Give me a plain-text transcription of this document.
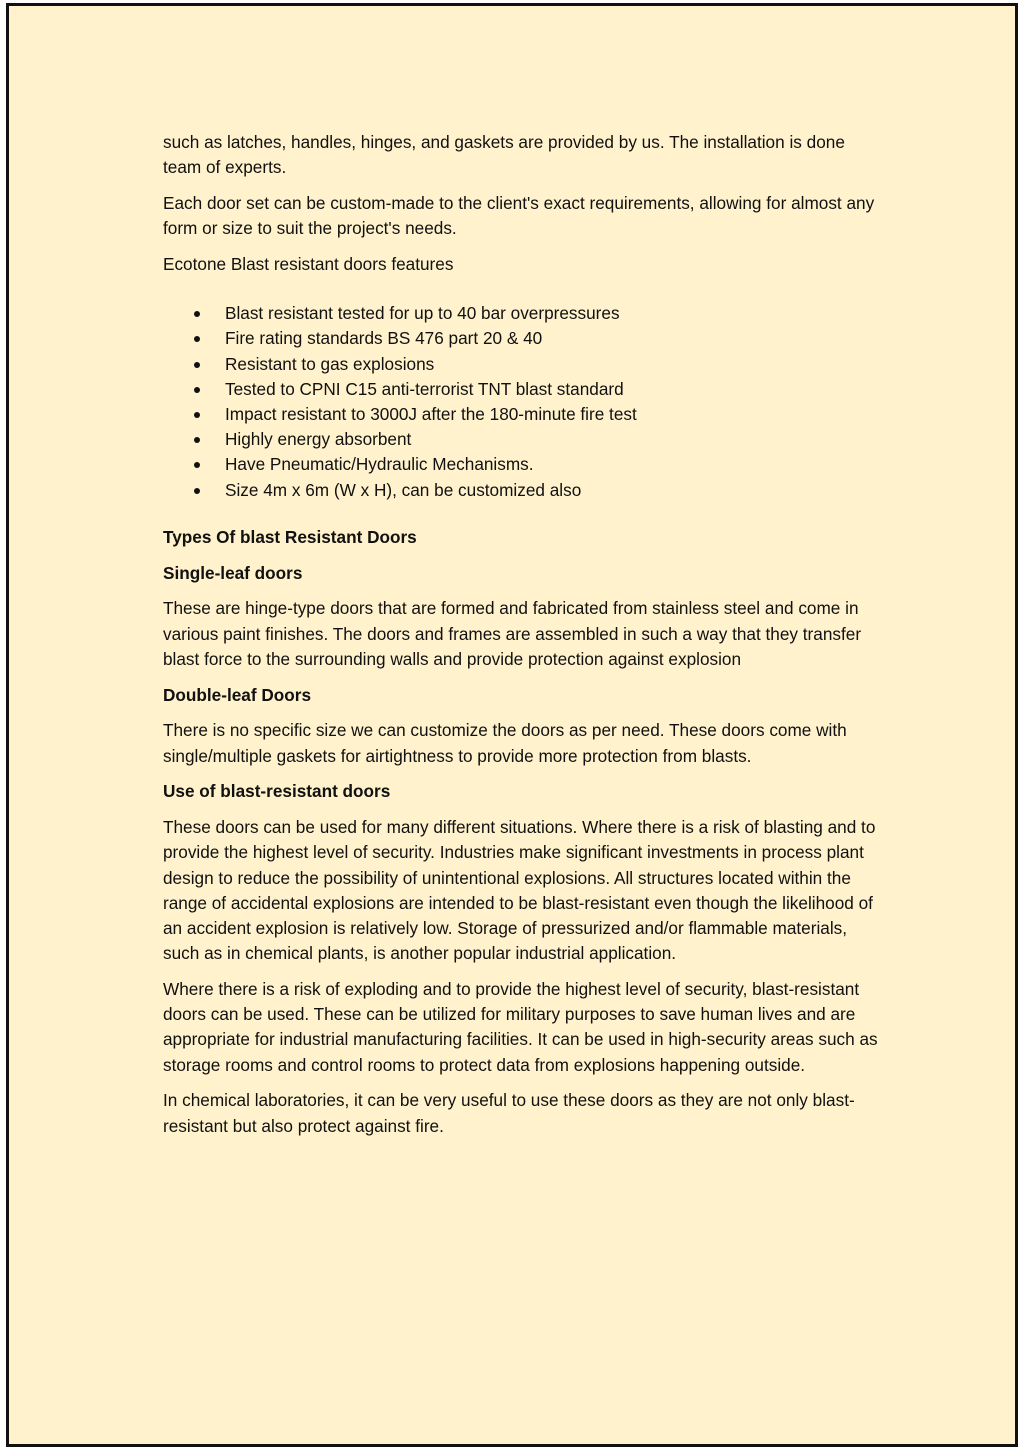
such as latches, handles, hinges, and gaskets are provided by us. The installation is done team of experts.

Each door set can be custom-made to the client's exact requirements, allowing for almost any form or size to suit the project's needs.

Ecotone Blast resistant doors features

Blast resistant tested for up to 40 bar overpressures
Fire rating standards BS 476 part 20 & 40
Resistant to gas explosions
Tested to CPNI C15 anti-terrorist TNT blast standard
Impact resistant to 3000J after the 180-minute fire test
Highly energy absorbent
Have Pneumatic/Hydraulic Mechanisms.
Size 4m x 6m (W x H), can be customized also

Types Of blast Resistant Doors

Single-leaf doors

These are hinge-type doors that are formed and fabricated from stainless steel and come in various paint finishes. The doors and frames are assembled in such a way that they transfer blast force to the surrounding walls and provide protection against explosion

Double-leaf Doors

There is no specific size we can customize the doors as per need. These doors come with single/multiple gaskets for airtightness to provide more protection from blasts.

Use of blast-resistant doors

These doors can be used for many different situations. Where there is a risk of blasting and to provide the highest level of security. Industries make significant investments in process plant design to reduce the possibility of unintentional explosions. All structures located within the range of accidental explosions are intended to be blast-resistant even though the likelihood of an accident explosion is relatively low. Storage of pressurized and/or flammable materials, such as in chemical plants, is another popular industrial application.

Where there is a risk of exploding and to provide the highest level of security, blast-resistant doors can be used. These can be utilized for military purposes to save human lives and are appropriate for industrial manufacturing facilities. It can be used in high-security areas such as storage rooms and control rooms to protect data from explosions happening outside.

In chemical laboratories, it can be very useful to use these doors as they are not only blast-resistant but also protect against fire.
